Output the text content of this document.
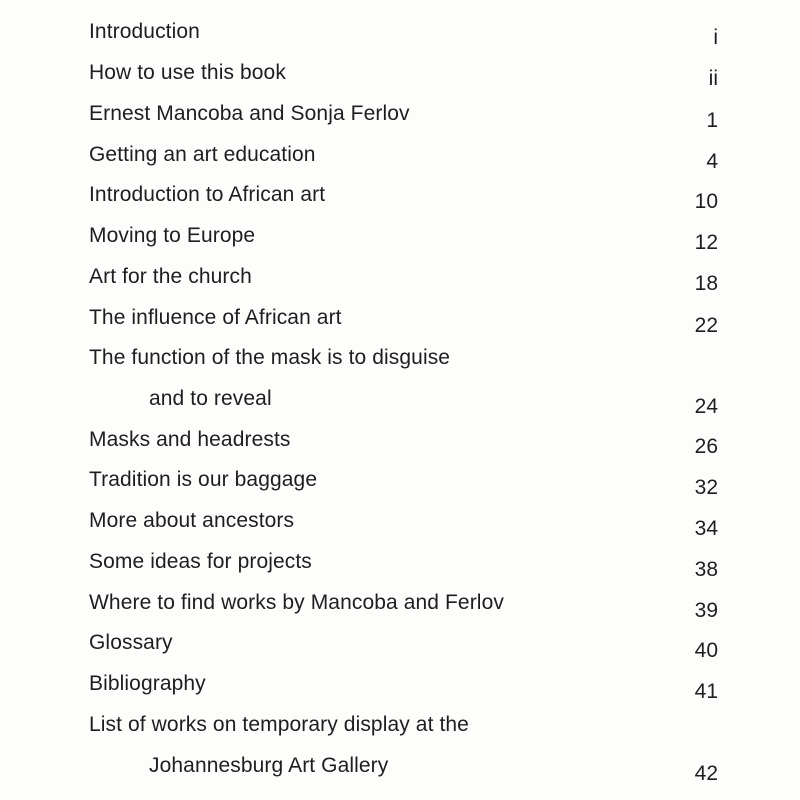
Introduction	i
How to use this book	ii
Ernest Mancoba and Sonja Ferlov	1
Getting an art education	4
Introduction to African art	10
Moving to Europe	12
Art for the church	18
The influence of African art	22
The function of the mask is to disguise
and to reveal	24
Masks and headrests	26
Tradition is our baggage	32
More about ancestors	34
Some ideas for projects	38
Where to find works by Mancoba and Ferlov	39
Glossary	40
Bibliography	41
List of works on temporary display at the
Johannesburg Art Gallery	42
